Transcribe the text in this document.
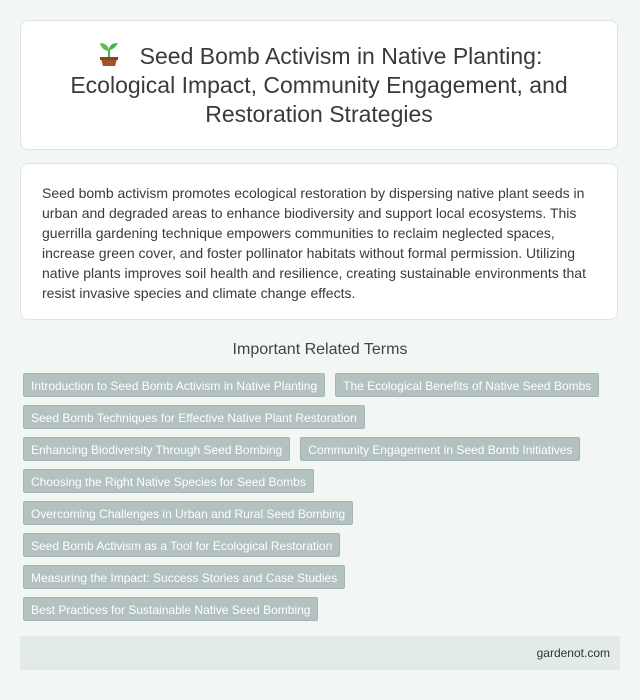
Seed Bomb Activism in Native Planting: Ecological Impact, Community Engagement, and Restoration Strategies

Seed bomb activism promotes ecological restoration by dispersing native plant seeds in urban and degraded areas to enhance biodiversity and support local ecosystems. This guerrilla gardening technique empowers communities to reclaim neglected spaces, increase green cover, and foster pollinator habitats without formal permission. Utilizing native plants improves soil health and resilience, creating sustainable environments that resist invasive species and climate change effects.

Important Related Terms
Introduction to Seed Bomb Activism in Native Planting	The Ecological Benefits of Native Seed Bombs
Seed Bomb Techniques for Effective Native Plant Restoration
Enhancing Biodiversity Through Seed Bombing	Community Engagement in Seed Bomb Initiatives
Choosing the Right Native Species for Seed Bombs
Overcoming Challenges in Urban and Rural Seed Bombing
Seed Bomb Activism as a Tool for Ecological Restoration
Measuring the Impact: Success Stories and Case Studies
Best Practices for Sustainable Native Seed Bombing
gardenot.com
